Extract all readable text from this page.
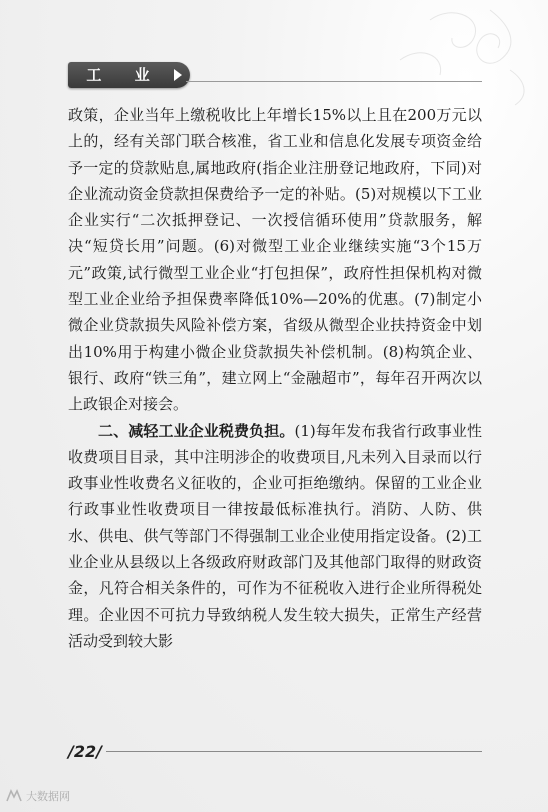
工 业

政策，企业当年上缴税收比上年增长15%以上且在200万元以上的，经有关部门联合核准，省工业和信息化发展专项资金给予一定的贷款贴息,属地政府(指企业注册登记地政府，下同)对企业流动资金贷款担保费给予一定的补贴。(5)对规模以下工业企业实行“二次抵押登记、一次授信循环使用”贷款服务，解决“短贷长用”问题。(6)对微型工业企业继续实施“3个15万元”政策,试行微型工业企业“打包担保”，政府性担保机构对微型工业企业给予担保费率降低10%—20%的优惠。(7)制定小微企业贷款损失风险补偿方案，省级从微型企业扶持资金中划出10%用于构建小微企业贷款损失补偿机制。(8)构筑企业、银行、政府“铁三角”，建立网上“金融超市”，每年召开两次以上政银企对接会。

二、减轻工业企业税费负担。(1)每年发布我省行政事业性收费项目目录，其中注明涉企的收费项目,凡未列入目录而以行政事业性收费名义征收的，企业可拒绝缴纳。保留的工业企业行政事业性收费项目一律按最低标准执行。消防、人防、供水、供电、供气等部门不得强制工业企业使用指定设备。(2)工业企业从县级以上各级政府财政部门及其他部门取得的财政资金，凡符合相关条件的，可作为不征税收入进行企业所得税处理。企业因不可抗力导致纳税人发生较大损失，正常生产经营活动受到较大影

/22/
大数据网
